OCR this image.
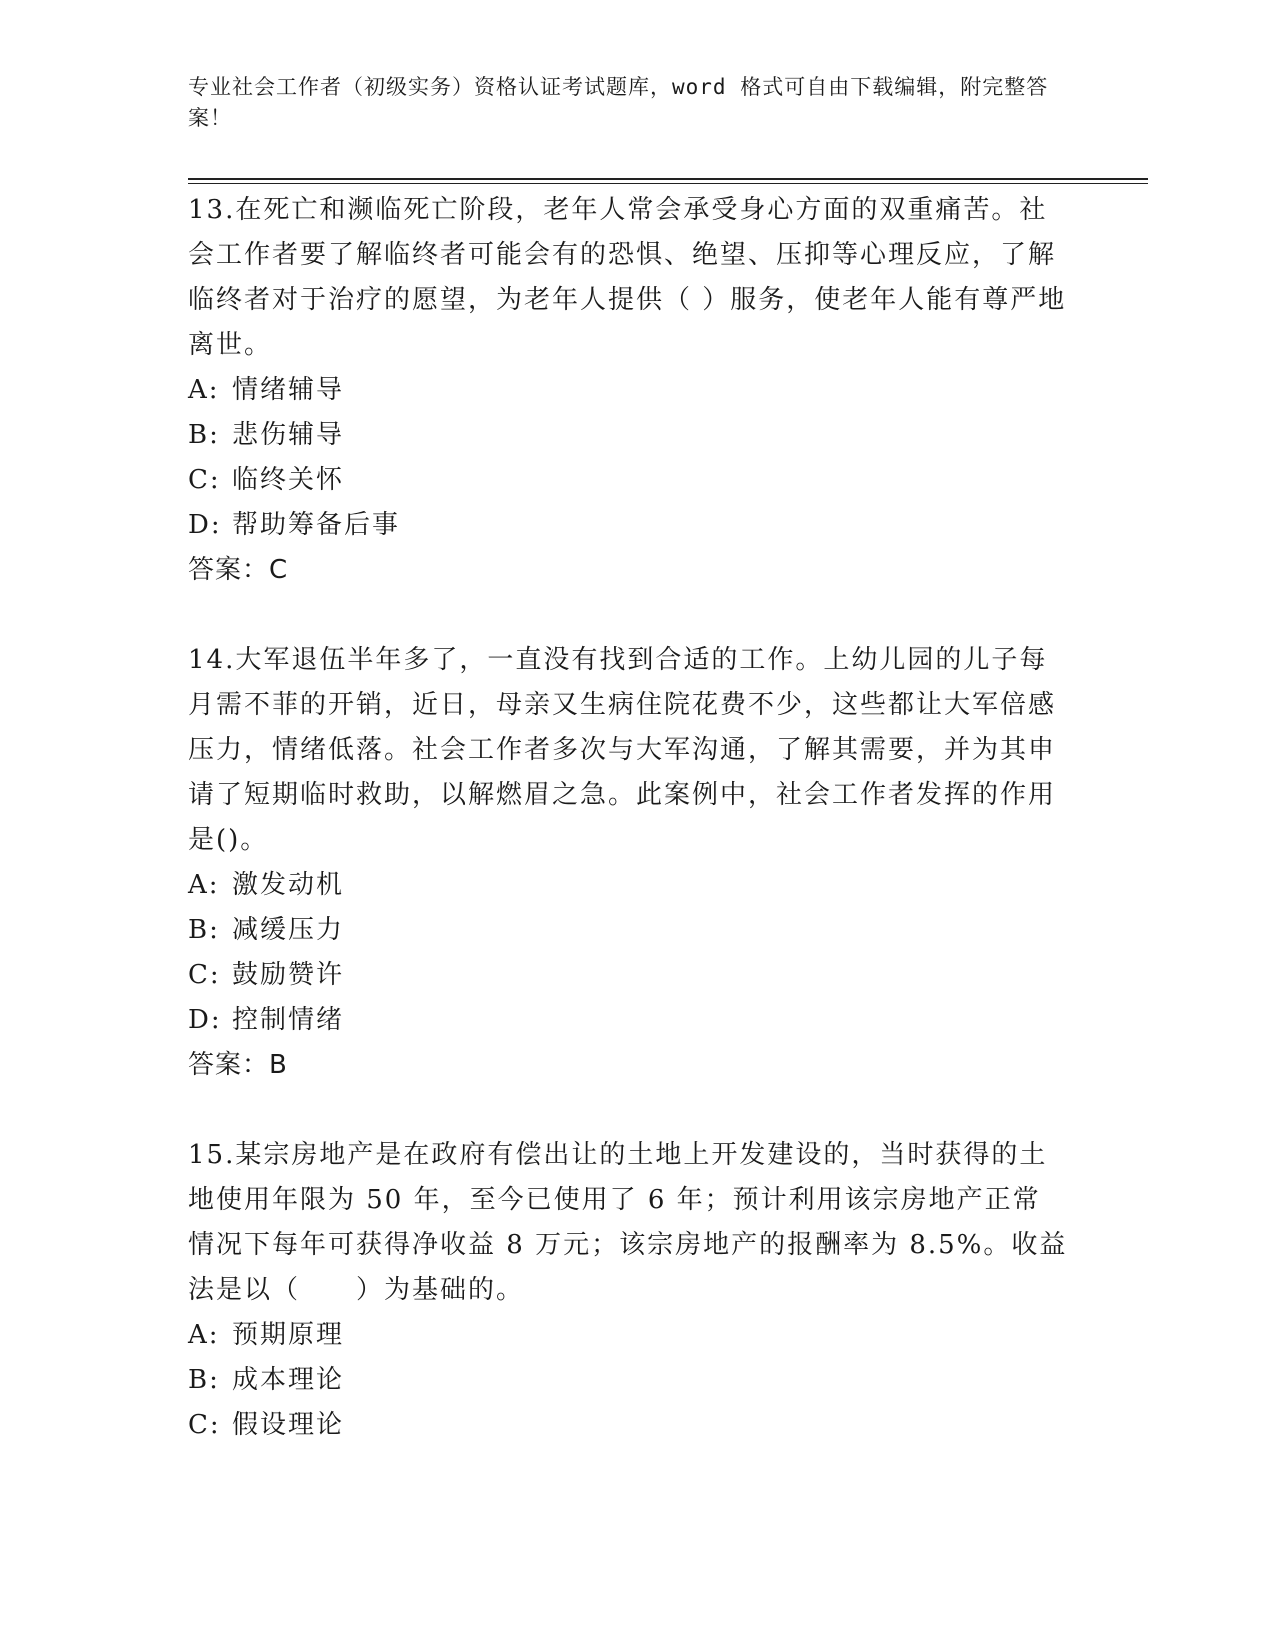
专业社会工作者（初级实务）资格认证考试题库，word 格式可自由下载编辑，附完整答案！
13.在死亡和濒临死亡阶段，老年人常会承受身心方面的双重痛苦。社会工作者要了解临终者可能会有的恐惧、绝望、压抑等心理反应，了解临终者对于治疗的愿望，为老年人提供（ ）服务，使老年人能有尊严地离世。
A: 情绪辅导
B: 悲伤辅导
C: 临终关怀
D: 帮助筹备后事
答案：C
14.大军退伍半年多了，一直没有找到合适的工作。上幼儿园的儿子每月需不菲的开销，近日，母亲又生病住院花费不少，这些都让大军倍感压力，情绪低落。社会工作者多次与大军沟通，了解其需要，并为其申请了短期临时救助，以解燃眉之急。此案例中，社会工作者发挥的作用是()。
A: 激发动机
B: 减缓压力
C: 鼓励赞许
D: 控制情绪
答案：B
15.某宗房地产是在政府有偿出让的土地上开发建设的，当时获得的土地使用年限为 50 年，至今已使用了 6 年；预计利用该宗房地产正常情况下每年可获得净收益 8 万元；该宗房地产的报酬率为 8.5%。收益法是以（　　）为基础的。
A: 预期原理
B: 成本理论
C: 假设理论
